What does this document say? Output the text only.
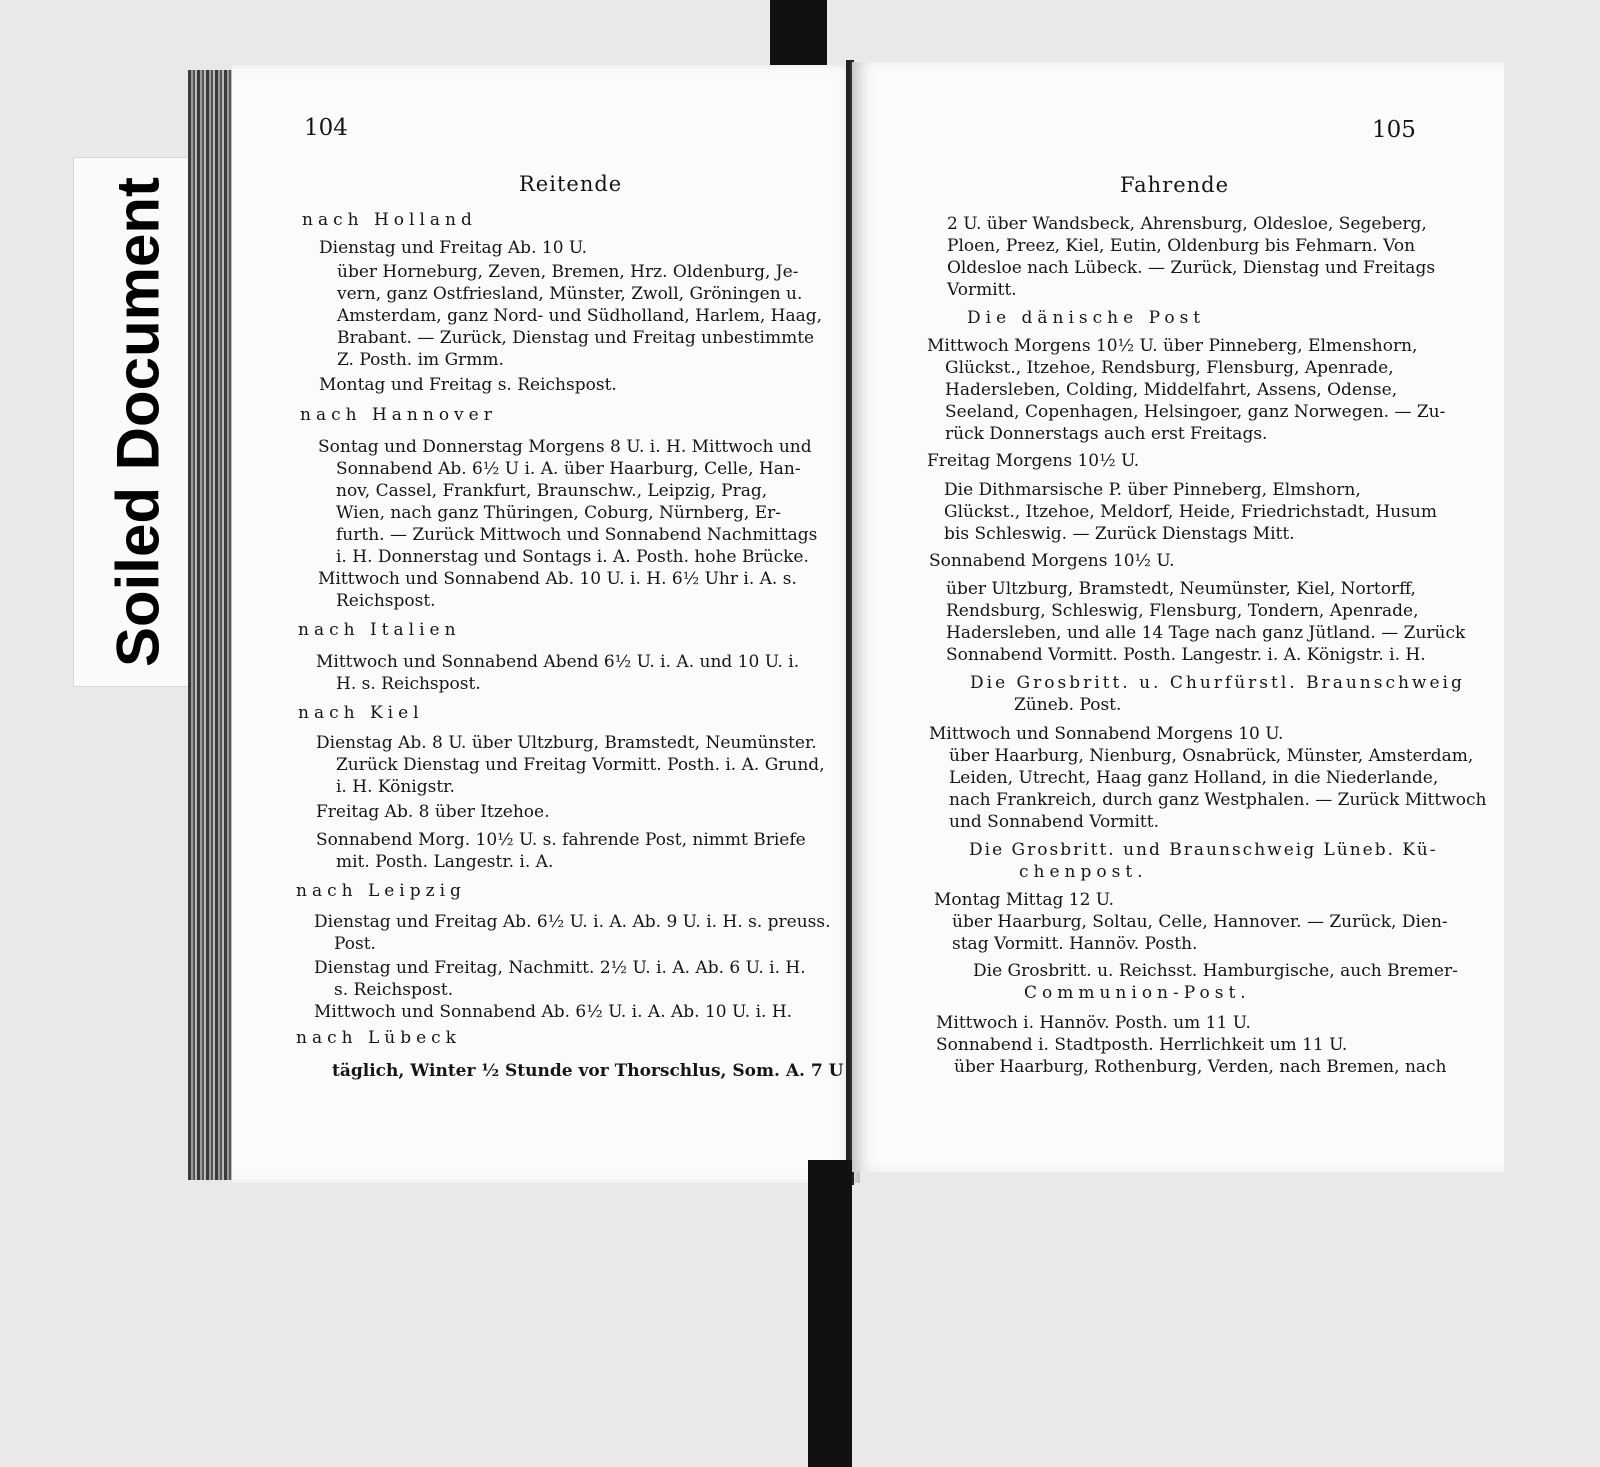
Soiled Document
104
Reitende
nach Holland
Dienstag und Freitag Ab. 10 U.
über Horneburg, Zeven, Bremen, Hrz. Oldenburg, Je-
vern, ganz Ostfriesland, Münster, Zwoll, Gröningen u.
Amsterdam, ganz Nord- und Südholland, Harlem, Haag,
Brabant. — Zurück, Dienstag und Freitag unbestimmte
Z. Posth. im Grmm.
Montag und Freitag s. Reichspost.
nach Hannover
Sontag und Donnerstag Morgens 8 U. i. H. Mittwoch und
Sonnabend Ab. 6½ U i. A. über Haarburg, Celle, Han-
nov, Cassel, Frankfurt, Braunschw., Leipzig, Prag,
Wien, nach ganz Thüringen, Coburg, Nürnberg, Er-
furth. — Zurück Mittwoch und Sonnabend Nachmittags
i. H. Donnerstag und Sontags i. A. Posth. hohe Brücke.
Mittwoch und Sonnabend Ab. 10 U. i. H. 6½ Uhr i. A. s.
Reichspost.
nach Italien
Mittwoch und Sonnabend Abend 6½ U. i. A. und 10 U. i.
H. s. Reichspost.
nach Kiel
Dienstag Ab. 8 U. über Ultzburg, Bramstedt, Neumünster.
Zurück Dienstag und Freitag Vormitt. Posth. i. A. Grund,
i. H. Königstr.
Freitag Ab. 8 über Itzehoe.
Sonnabend Morg. 10½ U. s. fahrende Post, nimmt Briefe
mit. Posth. Langestr. i. A.
nach Leipzig
Dienstag und Freitag Ab. 6½ U. i. A. Ab. 9 U. i. H. s. preuss.
Post.
Dienstag und Freitag, Nachmitt. 2½ U. i. A. Ab. 6 U. i. H.
s. Reichspost.
Mittwoch und Sonnabend Ab. 6½ U. i. A. Ab. 10 U. i. H.
nach Lübeck
täglich, Winter ½ Stunde vor Thorschlus, Som. A. 7 U
105
Fahrende
2 U. über Wandsbeck, Ahrensburg, Oldesloe, Segeberg,
Ploen, Preez, Kiel, Eutin, Oldenburg bis Fehmarn. Von
Oldesloe nach Lübeck. — Zurück, Dienstag und Freitags
Vormitt.
Die dänische Post
Mittwoch Morgens 10½ U. über Pinneberg, Elmenshorn,
Glückst., Itzehoe, Rendsburg, Flensburg, Apenrade,
Hadersleben, Colding, Middelfahrt, Assens, Odense,
Seeland, Copenhagen, Helsingoer, ganz Norwegen. — Zu-
rück Donnerstags auch erst Freitags.
Freitag Morgens 10½ U.
Die Dithmarsische P. über Pinneberg, Elmshorn,
Glückst., Itzehoe, Meldorf, Heide, Friedrichstadt, Husum
bis Schleswig. — Zurück Dienstags Mitt.
Sonnabend Morgens 10½ U.
über Ultzburg, Bramstedt, Neumünster, Kiel, Nortorff,
Rendsburg, Schleswig, Flensburg, Tondern, Apenrade,
Hadersleben, und alle 14 Tage nach ganz Jütland. — Zurück
Sonnabend Vormitt. Posth. Langestr. i. A. Königstr. i. H.
Die Grosbritt. u. Churfürstl. Braunschweig
Züneb. Post.
Mittwoch und Sonnabend Morgens 10 U.
über Haarburg, Nienburg, Osnabrück, Münster, Amsterdam,
Leiden, Utrecht, Haag ganz Holland, in die Niederlande,
nach Frankreich, durch ganz Westphalen. — Zurück Mittwoch
und Sonnabend Vormitt.
Die Grosbritt. und Braunschweig Lüneb. Kü-
chenpost.
Montag Mittag 12 U.
über Haarburg, Soltau, Celle, Hannover. — Zurück, Dien-
stag Vormitt. Hannöv. Posth.
Die Grosbritt. u. Reichsst. Hamburgische, auch Bremer-
Communion-Post.
Mittwoch i. Hannöv. Posth. um 11 U.
Sonnabend i. Stadtposth. Herrlichkeit um 11 U.
über Haarburg, Rothenburg, Verden, nach Bremen, nach
